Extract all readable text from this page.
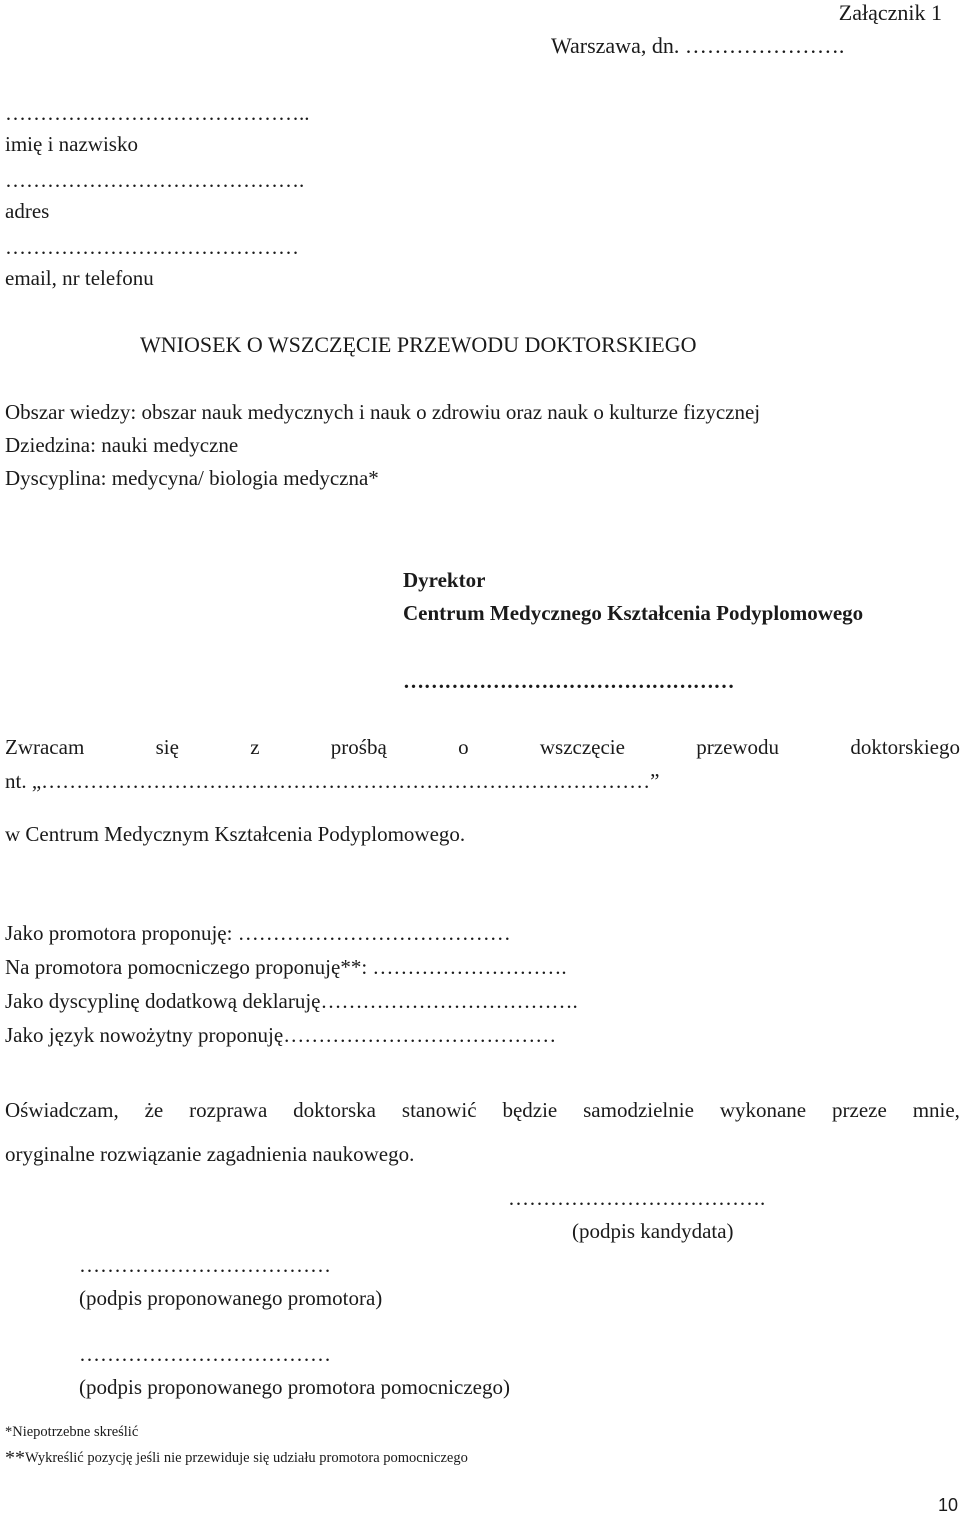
Załącznik 1
Warszawa, dn. ………………….
……………………………………..
imię i nazwisko
…………………………………….
adres
……………………………………
email, nr telefonu
WNIOSEK O WSZCZĘCIE PRZEWODU DOKTORSKIEGO
Obszar wiedzy: obszar nauk medycznych i nauk o zdrowiu oraz nauk o kulturze fizycznej
Dziedzina: nauki medyczne
Dyscyplina: medycyna/ biologia medyczna*
Dyrektor
Centrum Medycznego Kształcenia Podyplomowego
…………………………………………
Zwracam	się	z	prośbą	o	wszczęcie	przewodu	doktorskiego
nt. „……………………………………………………………………………”
w Centrum Medycznym Kształcenia Podyplomowego.
Jako promotora proponuję: …………………………………
Na promotora pomocniczego proponuję**: ……………………….
Jako dyscyplinę dodatkową deklaruję……………………………….
Jako język nowożytny proponuję…………………………………
Oświadczam, że rozprawa doktorska stanowić będzie samodzielnie wykonane przeze mnie,
oryginalne rozwiązanie zagadnienia naukowego.
……………………………….
(podpis kandydata)
………………………………
(podpis proponowanego promotora)
………………………………
(podpis proponowanego promotora pomocniczego)
*Niepotrzebne skreślić
**Wykreślić pozycję jeśli nie przewiduje się udziału promotora pomocniczego
10
